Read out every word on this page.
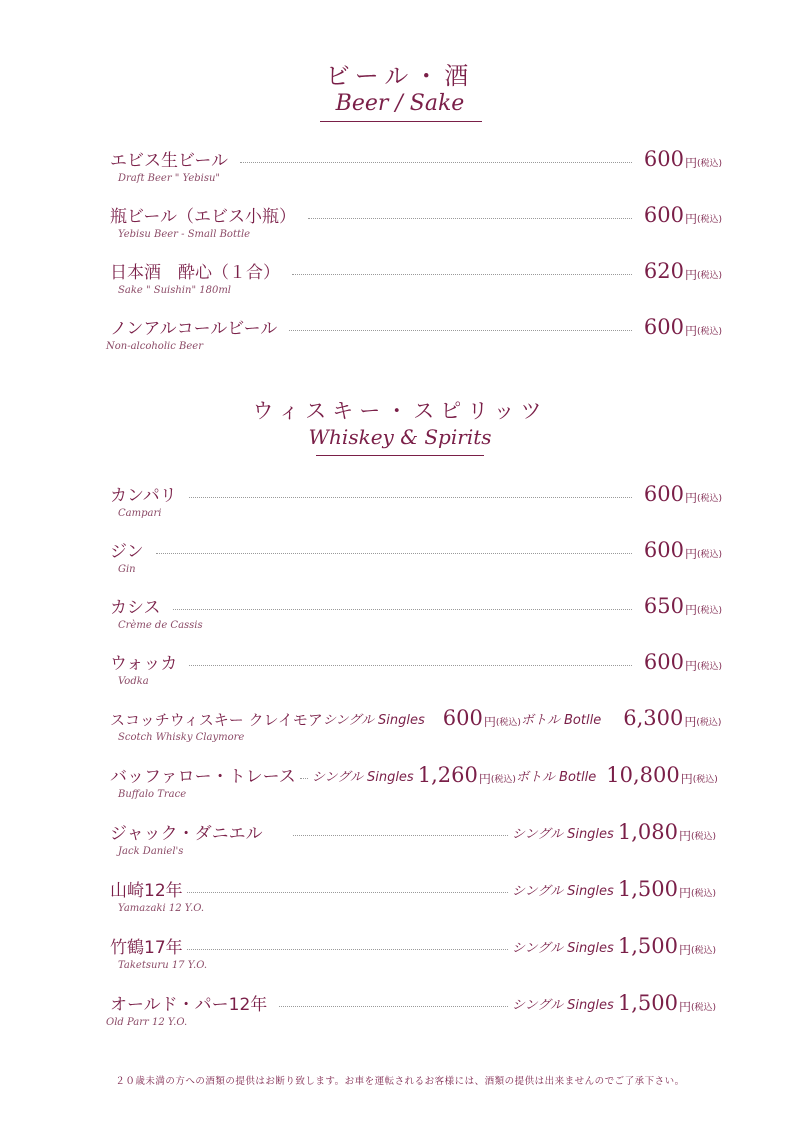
ビール・酒
Beer / Sake
エビス生ビール	600 円 (税込)
Draft Beer " Yebisu"
瓶ビール（エビス小瓶）	600 円 (税込)
Yebisu Beer - Small Bottle
日本酒　酔心（１合）	620 円 (税込)
Sake " Suishin" 180ml
ノンアルコールビール	600 円 (税込)
Non-alcoholic Beer
ウィスキー・スピリッツ
Whiskey & Spirits
カンパリ	600 円 (税込)
Campari
ジン	600 円 (税込)
Gin
カシス	650 円 (税込)
Crème de Cassis
ウォッカ	600 円 (税込)
Vodka
スコッチウィスキー クレイモア シングル Singles 600 円 (税込) ボトル Botlle 6,300 円 (税込)
Scotch Whisky Claymore
バッファロー・トレース シングル Singles 1,260 円 (税込) ボトル Botlle 10,800 円 (税込)
Buffalo Trace
ジャック・ダニエル	シングル Singles 1,080 円 (税込)
Jack Daniel's
山崎12年	シングル Singles 1,500 円 (税込)
Yamazaki 12 Y.O.
竹鶴17年	シングル Singles 1,500 円 (税込)
Taketsuru 17 Y.O.
オールド・パー12年	シングル Singles 1,500 円 (税込)
Old Parr 12 Y.O.
２０歳未満の方への酒類の提供はお断り致します。お車を運転されるお客様には、酒類の提供は出来ませんのでご了承下さい。
